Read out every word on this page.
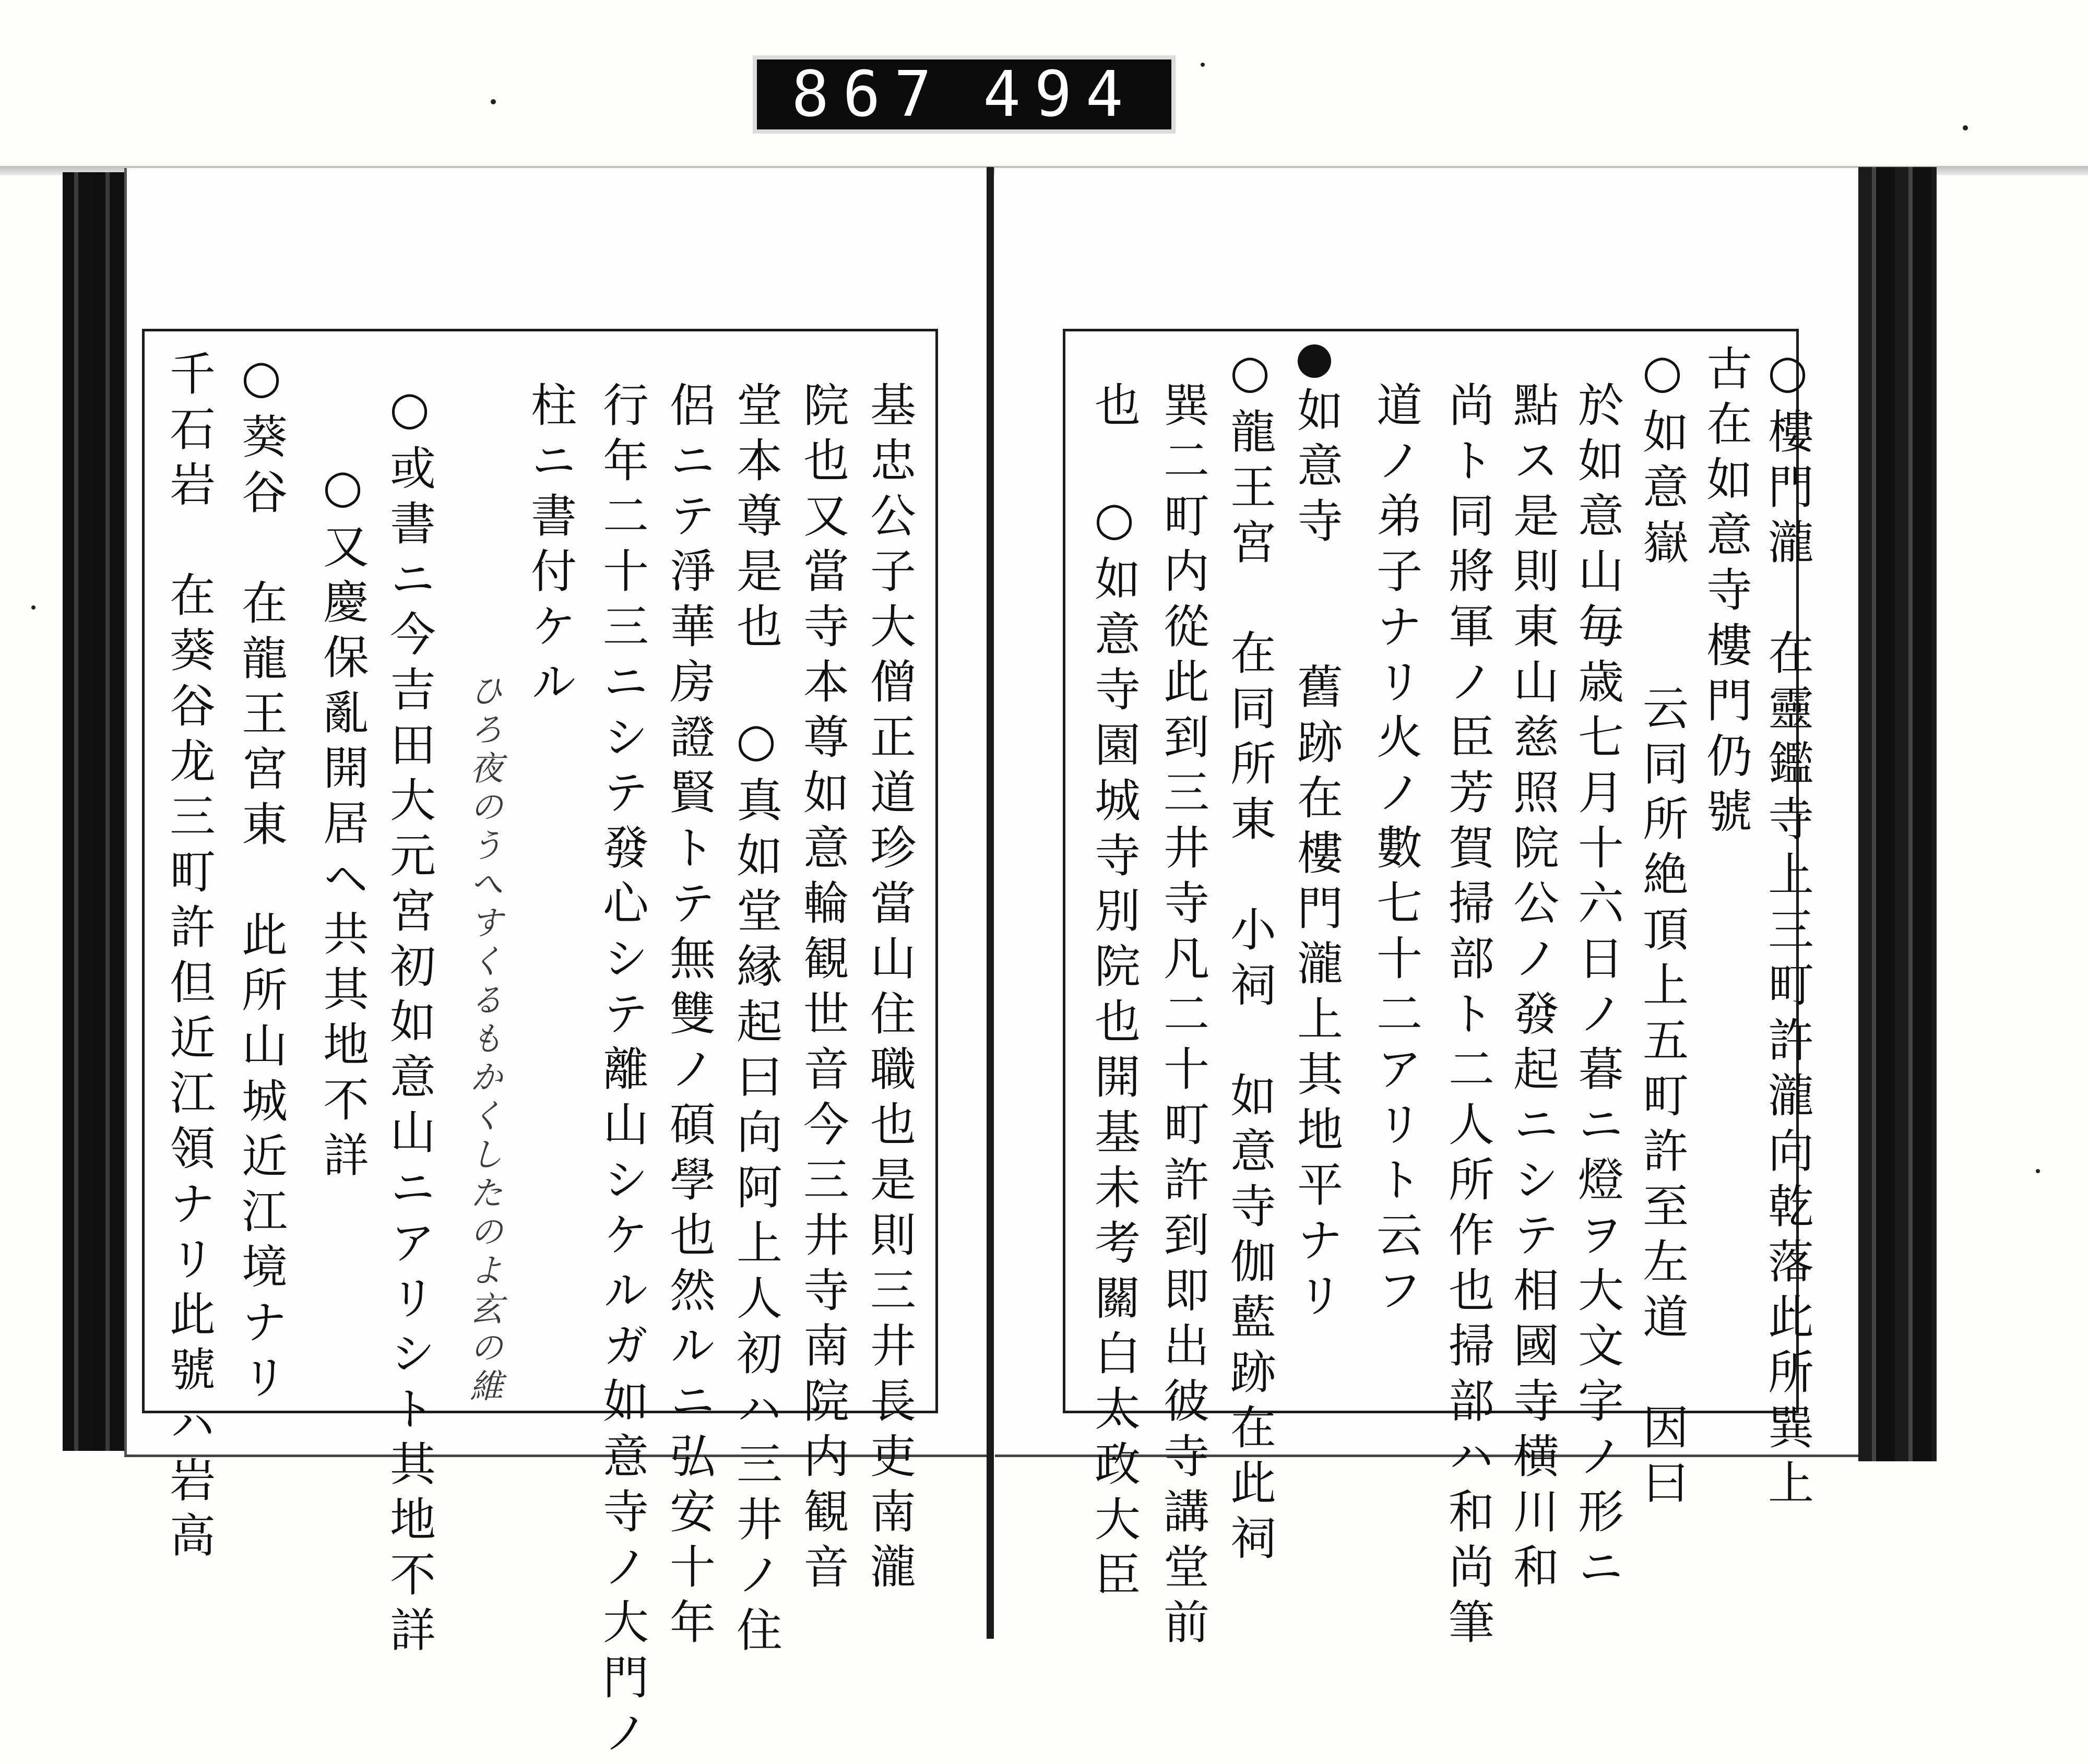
867 494
基忠公子大僧正道珍當山住職也是則三井長吏南瀧
院也又當寺本尊如意輪観世音今三井寺南院内観音
堂本尊是也　○真如堂縁起曰向阿上人初ハ三井ノ住
侶ニテ淨華房證賢トテ無雙ノ碩學也然ルニ弘安十年
行年二十三ニシテ發心シテ離山シケルガ如意寺ノ大門ノ
柱ニ書付ケル
ひろ夜のうへすくるもかくしたのよ玄の維
○或書ニ今吉田大元宮初如意山ニアリシト其地不詳
○又慶保亂開居ヘ共其地不詳
○葵谷　在龍王宮東　此所山城近江境ナリ
千石岩　在葵谷龙三町許但近江領ナリ此號ハ岩高	○樓門瀧　在靈鑑寺上三町許瀧向乾落此所巽上
古在如意寺樓門仍號
○如意嶽　　云同所絶頂上五町許至左道　因曰
於如意山毎歳七月十六日ノ暮ニ燈ヲ大文字ノ形ニ
點ス是則東山慈照院公ノ發起ニシテ相國寺横川和
尚ト同將軍ノ臣芳賀掃部ト二人所作也掃部ハ和尚筆
道ノ弟子ナリ火ノ數七十二アリト云フ
如意寺　　舊跡在樓門瀧上其地平ナリ
○龍王宮　在同所東　小祠　如意寺伽藍跡在此祠
巽二町内從此到三井寺凡二十町許到即出彼寺講堂前
也　○如意寺園城寺別院也開基未考關白太政大臣
